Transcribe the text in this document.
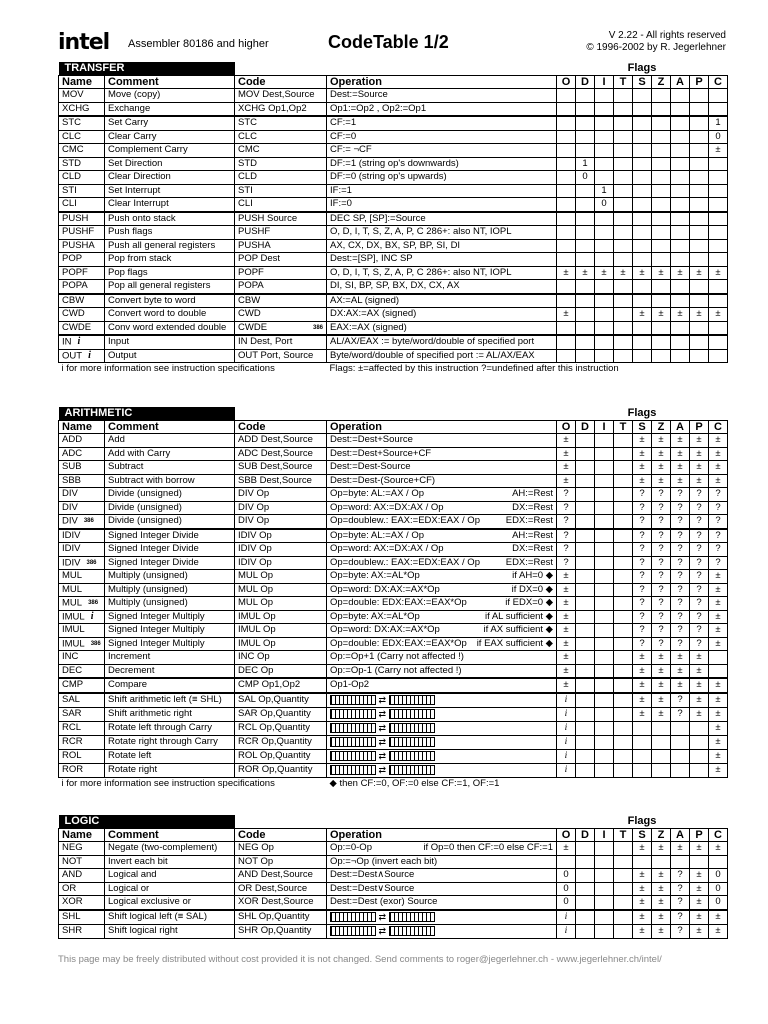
intel Assembler 80186 and higher	CodeTable 1/2	V 2.22 - All rights reserved
© 1996-2002 by R. Jegerlehner
TRANSFER				Flags								
Name	Comment	Code	Operation	O	D	I	T	S	Z	A	P	C
MOV	Move (copy)	MOV Dest,Source	Dest:=Source									
XCHG	Exchange	XCHG Op1,Op2	Op1:=Op2 , Op2:=Op1									
STC	Set Carry	STC	CF:=1									1
CLC	Clear Carry	CLC	CF:=0									0
CMC	Complement Carry	CMC	CF:= ¬CF									±
STD	Set Direction	STD	DF:=1 (string op's downwards)		1							
CLD	Clear Direction	CLD	DF:=0 (string op's upwards)		0							
STI	Set Interrupt	STI	IF:=1			1						
CLI	Clear Interrupt	CLI	IF:=0			0						
PUSH	Push onto stack	PUSH Source	DEC SP, [SP]:=Source									
PUSHF	Push flags	PUSHF	O, D, I, T, S, Z, A, P, C 286+: also NT, IOPL									
PUSHA	Push all general registers	PUSHA	AX, CX, DX, BX, SP, BP, SI, DI									
POP	Pop from stack	POP Dest	Dest:=[SP], INC SP									
POPF	Pop flags	POPF	O, D, I, T, S, Z, A, P, C 286+: also NT, IOPL	±	±	±	±	±	±	±	±	±
POPA	Pop all general registers	POPA	DI, SI, BP, SP, BX, DX, CX, AX									
CBW	Convert byte to word	CBW	AX:=AL (signed)									
CWD	Convert word to double	CWD	DX:AX:=AX (signed)	±				±	±	±	±	±
CWDE	Conv word extended double	CWDE 386	EAX:=AX (signed)									
IN i	Input	IN Dest, Port	AL/AX/EAX := byte/word/double of specified port									
OUT i	Output	OUT Port, Source	Byte/word/double of specified port := AL/AX/EAX									
i for more information see instruction specifications			Flags: ±=affected by this instruction ?=undefined after this instruction									
ARITHMETIC				Flags								
Name	Comment	Code	Operation	O	D	I	T	S	Z	A	P	C
ADD	Add	ADD Dest,Source	Dest:=Dest+Source	±				±	±	±	±	±
ADC	Add with Carry	ADC Dest,Source	Dest:=Dest+Source+CF	±				±	±	±	±	±
SUB	Subtract	SUB Dest,Source	Dest:=Dest-Source	±				±	±	±	±	±
SBB	Subtract with borrow	SBB Dest,Source	Dest:=Dest-(Source+CF)	±				±	±	±	±	±
DIV	Divide (unsigned)	DIV Op	Op=byte: AL:=AX / Op AH:=Rest	?				?	?	?	?	?
DIV	Divide (unsigned)	DIV Op	Op=word: AX:=DX:AX / Op DX:=Rest	?				?	?	?	?	?
DIV 386	Divide (unsigned)	DIV Op	Op=doublew.: EAX:=EDX:EAX / Op EDX:=Rest	?				?	?	?	?	?
IDIV	Signed Integer Divide	IDIV Op	Op=byte: AL:=AX / Op AH:=Rest	?				?	?	?	?	?
IDIV	Signed Integer Divide	IDIV Op	Op=word: AX:=DX:AX / Op DX:=Rest	?				?	?	?	?	?
IDIV 386	Signed Integer Divide	IDIV Op	Op=doublew.: EAX:=EDX:EAX / Op EDX:=Rest	?				?	?	?	?	?
MUL	Multiply (unsigned)	MUL Op	Op=byte: AX:=AL*Op if AH=0 ◆	±				?	?	?	?	±
MUL	Multiply (unsigned)	MUL Op	Op=word: DX:AX:=AX*Op if DX=0 ◆	±				?	?	?	?	±
MUL 386	Multiply (unsigned)	MUL Op	Op=double: EDX:EAX:=EAX*Op if EDX=0 ◆	±				?	?	?	?	±
IMUL i	Signed Integer Multiply	IMUL Op	Op=byte: AX:=AL*Op if AL sufficient ◆	±				?	?	?	?	±
IMUL	Signed Integer Multiply	IMUL Op	Op=word: DX:AX:=AX*Op if AX sufficient ◆	±				?	?	?	?	±
IMUL 386	Signed Integer Multiply	IMUL Op	Op=double: EDX:EAX:=EAX*Op if EAX sufficient ◆	±				?	?	?	?	±
INC	Increment	INC Op	Op:=Op+1 (Carry not affected !)	±				±	±	±	±	
DEC	Decrement	DEC Op	Op:=Op-1 (Carry not affected !)	±				±	±	±	±	
CMP	Compare	CMP Op1,Op2	Op1-Op2	±				±	±	±	±	±
SAL	Shift arithmetic left (≡ SHL)	SAL Op,Quantity	⇄	i				±	±	?	±	±
SAR	Shift arithmetic right	SAR Op,Quantity	⇄	i				±	±	?	±	±
RCL	Rotate left through Carry	RCL Op,Quantity	⇄	i								±
RCR	Rotate right through Carry	RCR Op,Quantity	⇄	i								±
ROL	Rotate left	ROL Op,Quantity	⇄	i								±
ROR	Rotate right	ROR Op,Quantity	⇄	i								±
i for more information see instruction specifications			◆ then CF:=0, OF:=0 else CF:=1, OF:=1									
LOGIC				Flags								
Name	Comment	Code	Operation	O	D	I	T	S	Z	A	P	C
NEG	Negate (two-complement)	NEG Op	Op:=0-Op if Op=0 then CF:=0 else CF:=1	±				±	±	±	±	±
NOT	Invert each bit	NOT Op	Op:=¬Op (invert each bit)									
AND	Logical and	AND Dest,Source	Dest:=Dest∧Source	0				±	±	?	±	0
OR	Logical or	OR Dest,Source	Dest:=Dest∨Source	0				±	±	?	±	0
XOR	Logical exclusive or	XOR Dest,Source	Dest:=Dest (exor) Source	0				±	±	?	±	0
SHL	Shift logical left (≡ SAL)	SHL Op,Quantity	⇄	i				±	±	?	±	±
SHR	Shift logical right	SHR Op,Quantity	⇄	i				±	±	?	±	±
This page may be freely distributed without cost provided it is not changed. Send comments to roger@jegerlehner.ch - www.jegerlehner.ch/intel/
